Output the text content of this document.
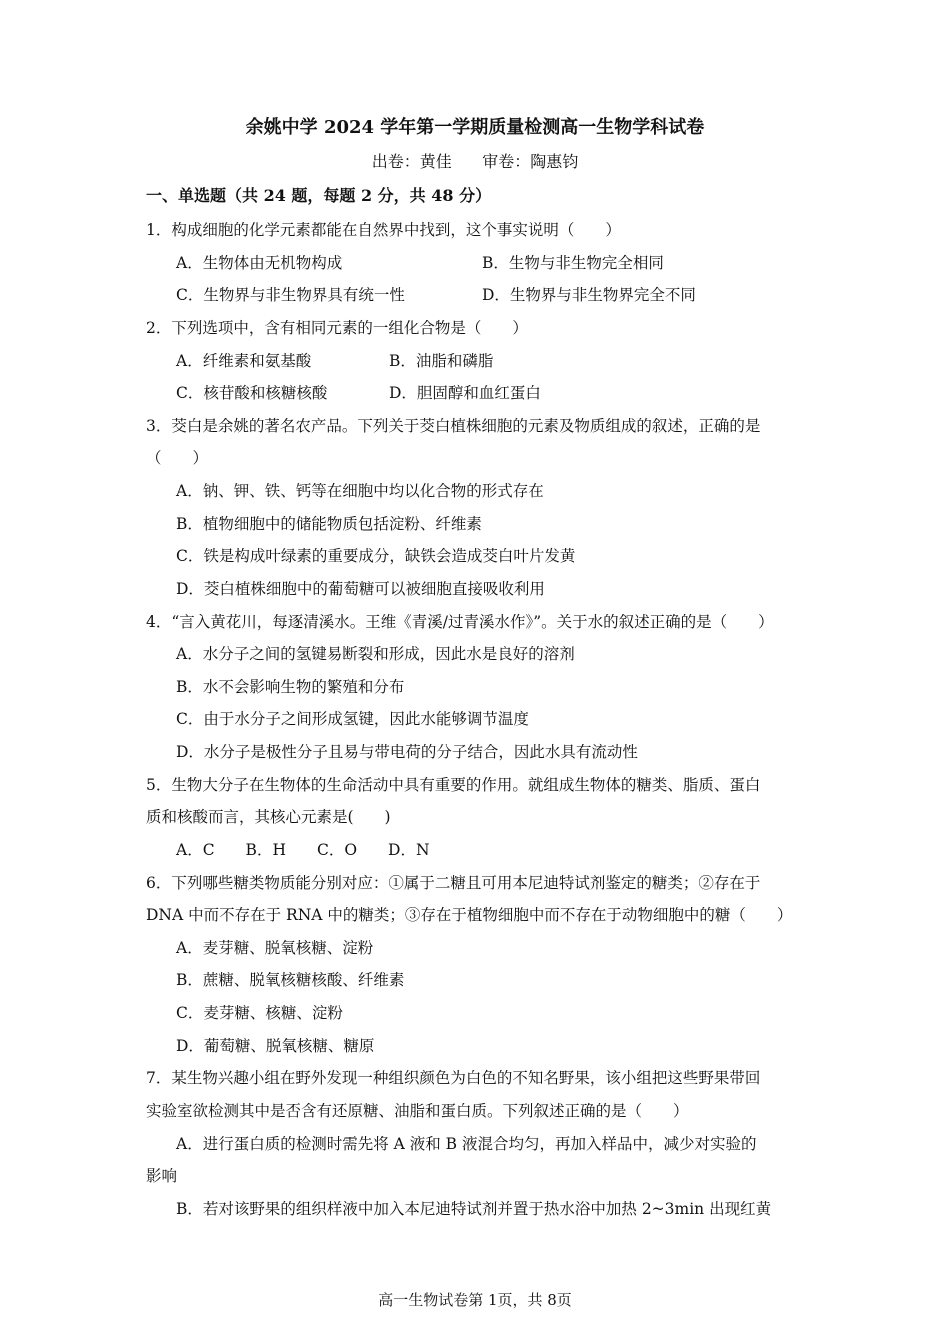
余姚中学 2024 学年第一学期质量检测高一生物学科试卷
出卷：黄佳      审卷：陶惠钧
一、单选题（共 24 题，每题 2 分，共 48 分）
1．构成细胞的化学元素都能在自然界中找到，这个事实说明（　　）
A．生物体由无机物构成	B．生物与非生物完全相同
C．生物界与非生物界具有统一性	D．生物界与非生物界完全不同
2．下列选项中，含有相同元素的一组化合物是（　　）
A．纤维素和氨基酸	B．油脂和磷脂
C．核苷酸和核糖核酸	D．胆固醇和血红蛋白
3．茭白是余姚的著名农产品。下列关于茭白植株细胞的元素及物质组成的叙述，正确的是
（　　）
A．钠、钾、铁、钙等在细胞中均以化合物的形式存在
B．植物细胞中的储能物质包括淀粉、纤维素
C．铁是构成叶绿素的重要成分，缺铁会造成茭白叶片发黄
D．茭白植株细胞中的葡萄糖可以被细胞直接吸收利用
4．“言入黄花川，每逐清溪水。王维《青溪/过青溪水作》”。关于水的叙述正确的是（　　）
A．水分子之间的氢键易断裂和形成，因此水是良好的溶剂
B．水不会影响生物的繁殖和分布
C．由于水分子之间形成氢键，因此水能够调节温度
D．水分子是极性分子且易与带电荷的分子结合，因此水具有流动性
5．生物大分子在生物体的生命活动中具有重要的作用。就组成生物体的糖类、脂质、蛋白
质和核酸而言，其核心元素是(　　)
A．C　　B．H　　C．O　　D．N
6．下列哪些糖类物质能分别对应：①属于二糖且可用本尼迪特试剂鉴定的糖类；②存在于
DNA 中而不存在于 RNA 中的糖类；③存在于植物细胞中而不存在于动物细胞中的糖（　　）
A．麦芽糖、脱氧核糖、淀粉
B．蔗糖、脱氧核糖核酸、纤维素
C．麦芽糖、核糖、淀粉
D．葡萄糖、脱氧核糖、糖原
7．某生物兴趣小组在野外发现一种组织颜色为白色的不知名野果，该小组把这些野果带回
实验室欲检测其中是否含有还原糖、油脂和蛋白质。下列叙述正确的是（　　）
A．进行蛋白质的检测时需先将 A 液和 B 液混合均匀，再加入样品中，减少对实验的
影响
B．若对该野果的组织样液中加入本尼迪特试剂并置于热水浴中加热 2~3min 出现红黄
高一生物试卷第 1页，共 8页
